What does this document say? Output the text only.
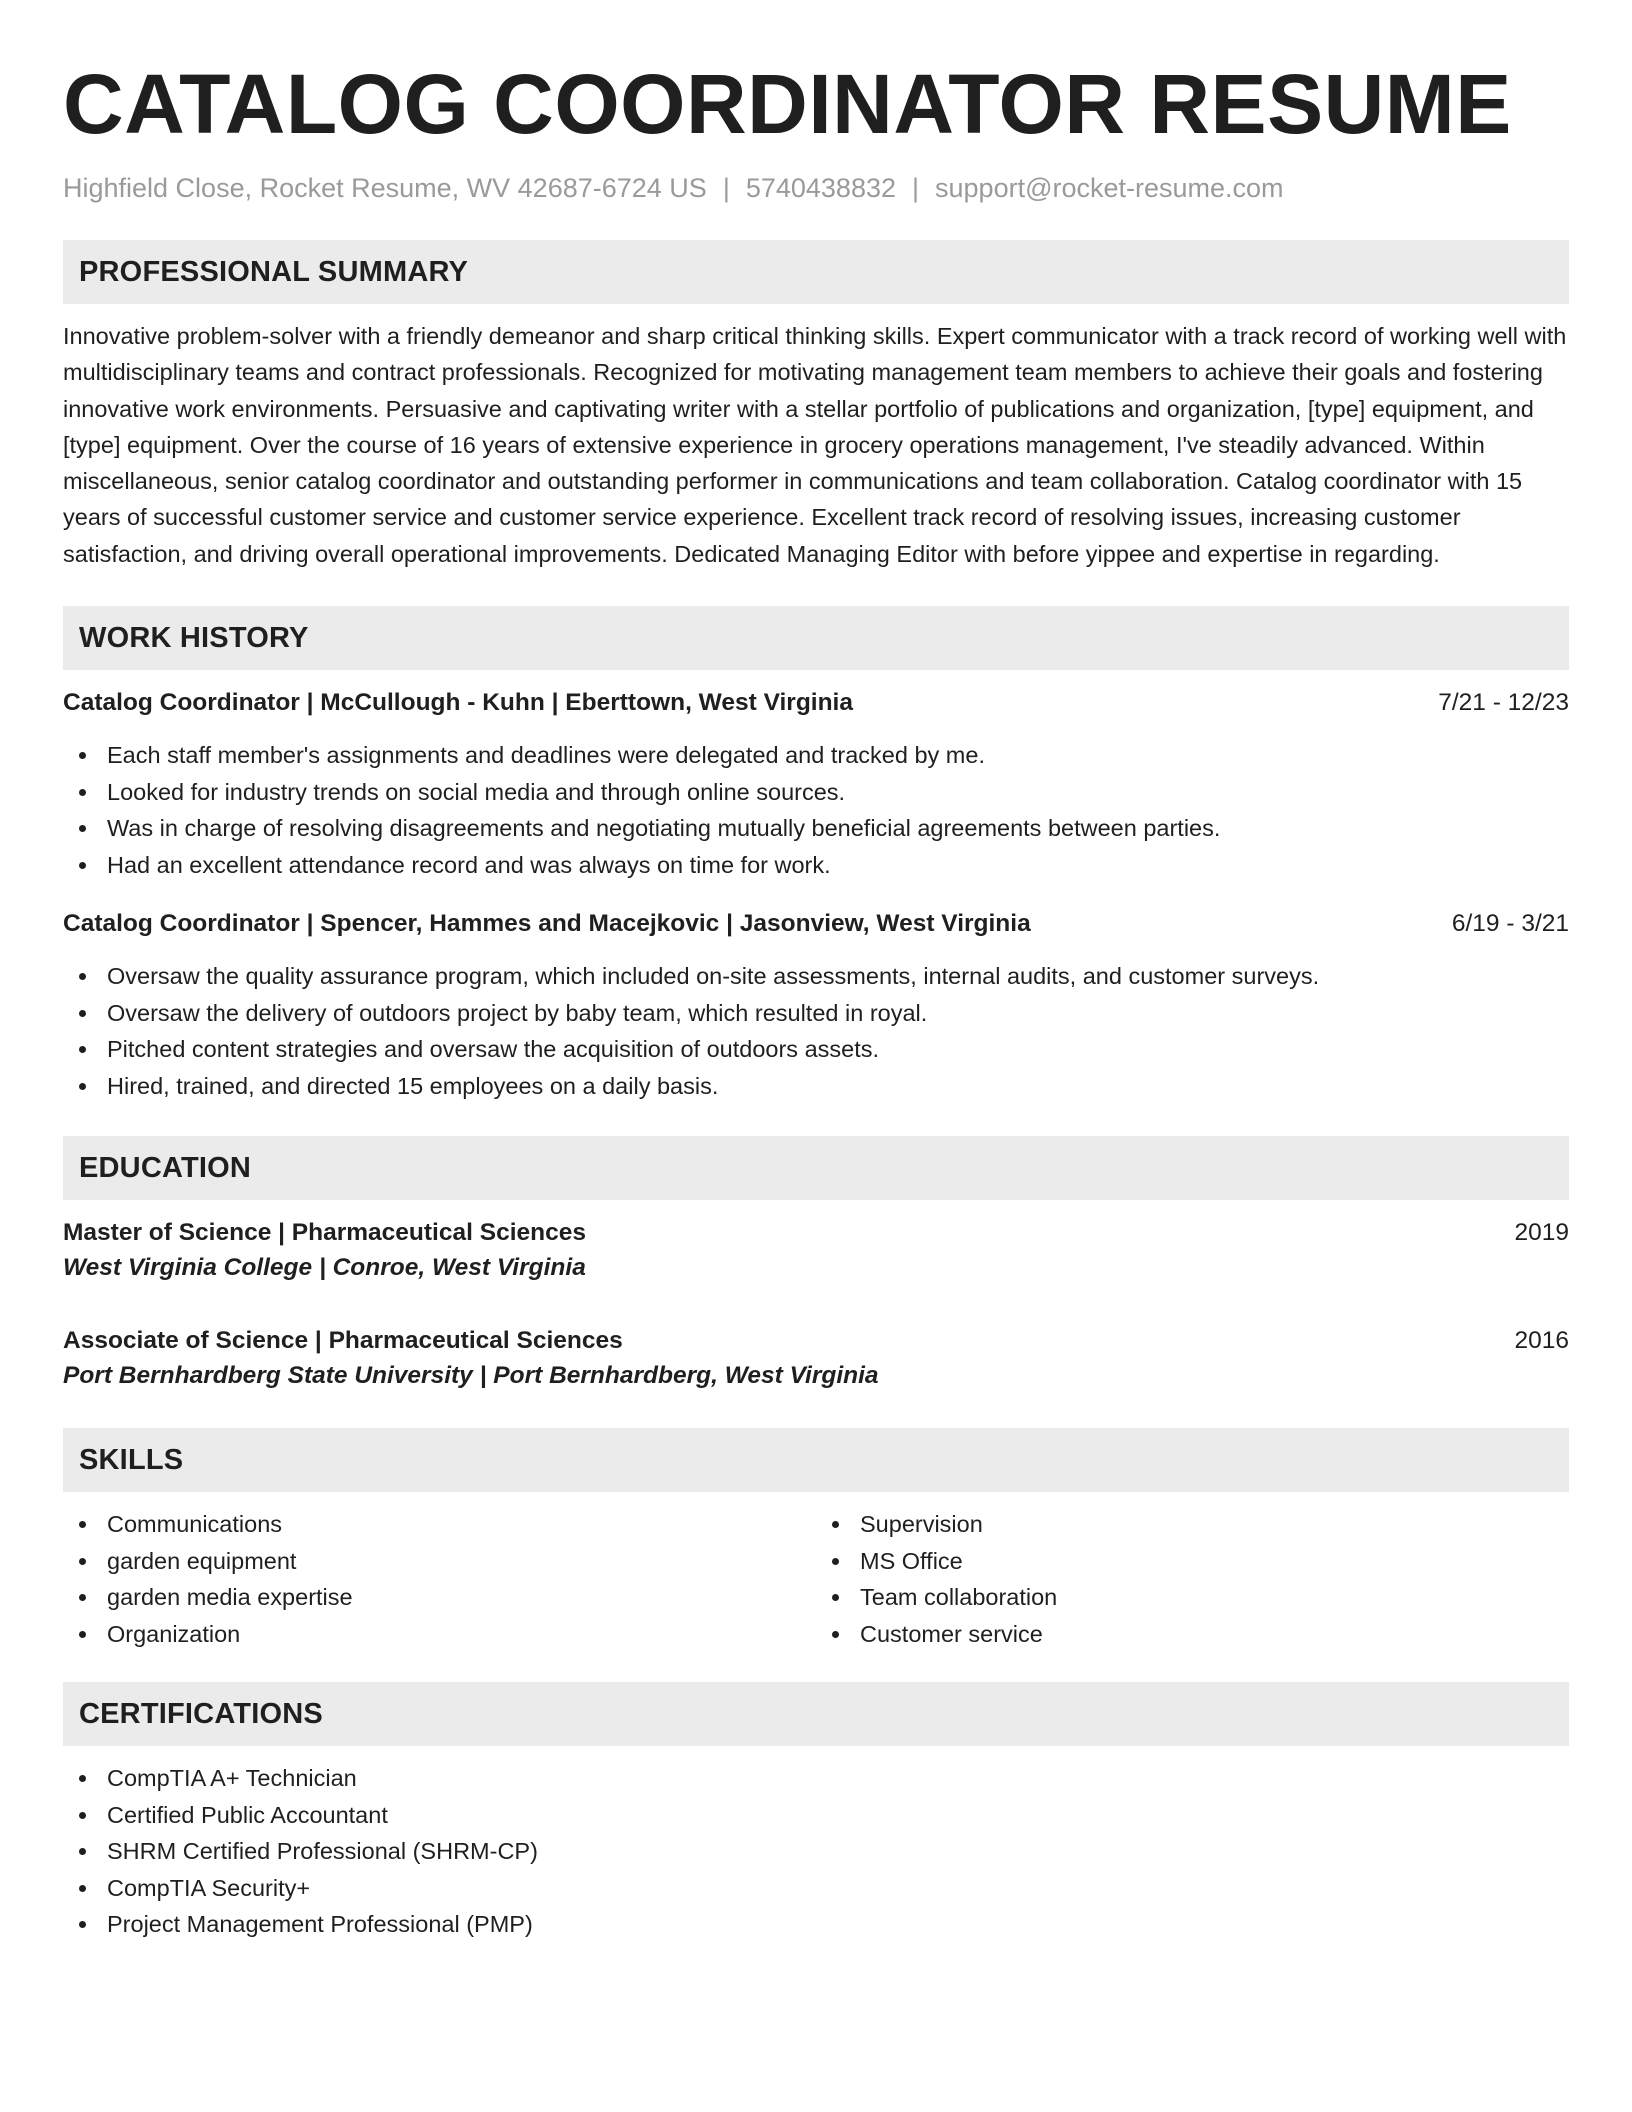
CATALOG COORDINATOR RESUME
Highfield Close, Rocket Resume, WV 42687-6724 US | 5740438832 | support@rocket-resume.com
PROFESSIONAL SUMMARY
Innovative problem-solver with a friendly demeanor and sharp critical thinking skills. Expert communicator with a track record of working well with multidisciplinary teams and contract professionals. Recognized for motivating management team members to achieve their goals and fostering innovative work environments. Persuasive and captivating writer with a stellar portfolio of publications and organization, [type] equipment, and [type] equipment. Over the course of 16 years of extensive experience in grocery operations management, I've steadily advanced. Within miscellaneous, senior catalog coordinator and outstanding performer in communications and team collaboration. Catalog coordinator with 15 years of successful customer service and customer service experience. Excellent track record of resolving issues, increasing customer satisfaction, and driving overall operational improvements. Dedicated Managing Editor with before yippee and expertise in regarding.
WORK HISTORY
Catalog Coordinator | McCullough - Kuhn | Eberttown, West Virginia	7/21 - 12/23
Each staff member's assignments and deadlines were delegated and tracked by me.
Looked for industry trends on social media and through online sources.
Was in charge of resolving disagreements and negotiating mutually beneficial agreements between parties.
Had an excellent attendance record and was always on time for work.
Catalog Coordinator | Spencer, Hammes and Macejkovic | Jasonview, West Virginia	6/19 - 3/21
Oversaw the quality assurance program, which included on-site assessments, internal audits, and customer surveys.
Oversaw the delivery of outdoors project by baby team, which resulted in royal.
Pitched content strategies and oversaw the acquisition of outdoors assets.
Hired, trained, and directed 15 employees on a daily basis.
EDUCATION
Master of Science | Pharmaceutical Sciences	2019
West Virginia College | Conroe, West Virginia
Associate of Science | Pharmaceutical Sciences	2016
Port Bernhardberg State University | Port Bernhardberg, West Virginia
SKILLS
Communications
garden equipment
garden media expertise
Organization
Supervision
MS Office
Team collaboration
Customer service
CERTIFICATIONS
CompTIA A+ Technician
Certified Public Accountant
SHRM Certified Professional (SHRM-CP)
CompTIA Security+
Project Management Professional (PMP)
